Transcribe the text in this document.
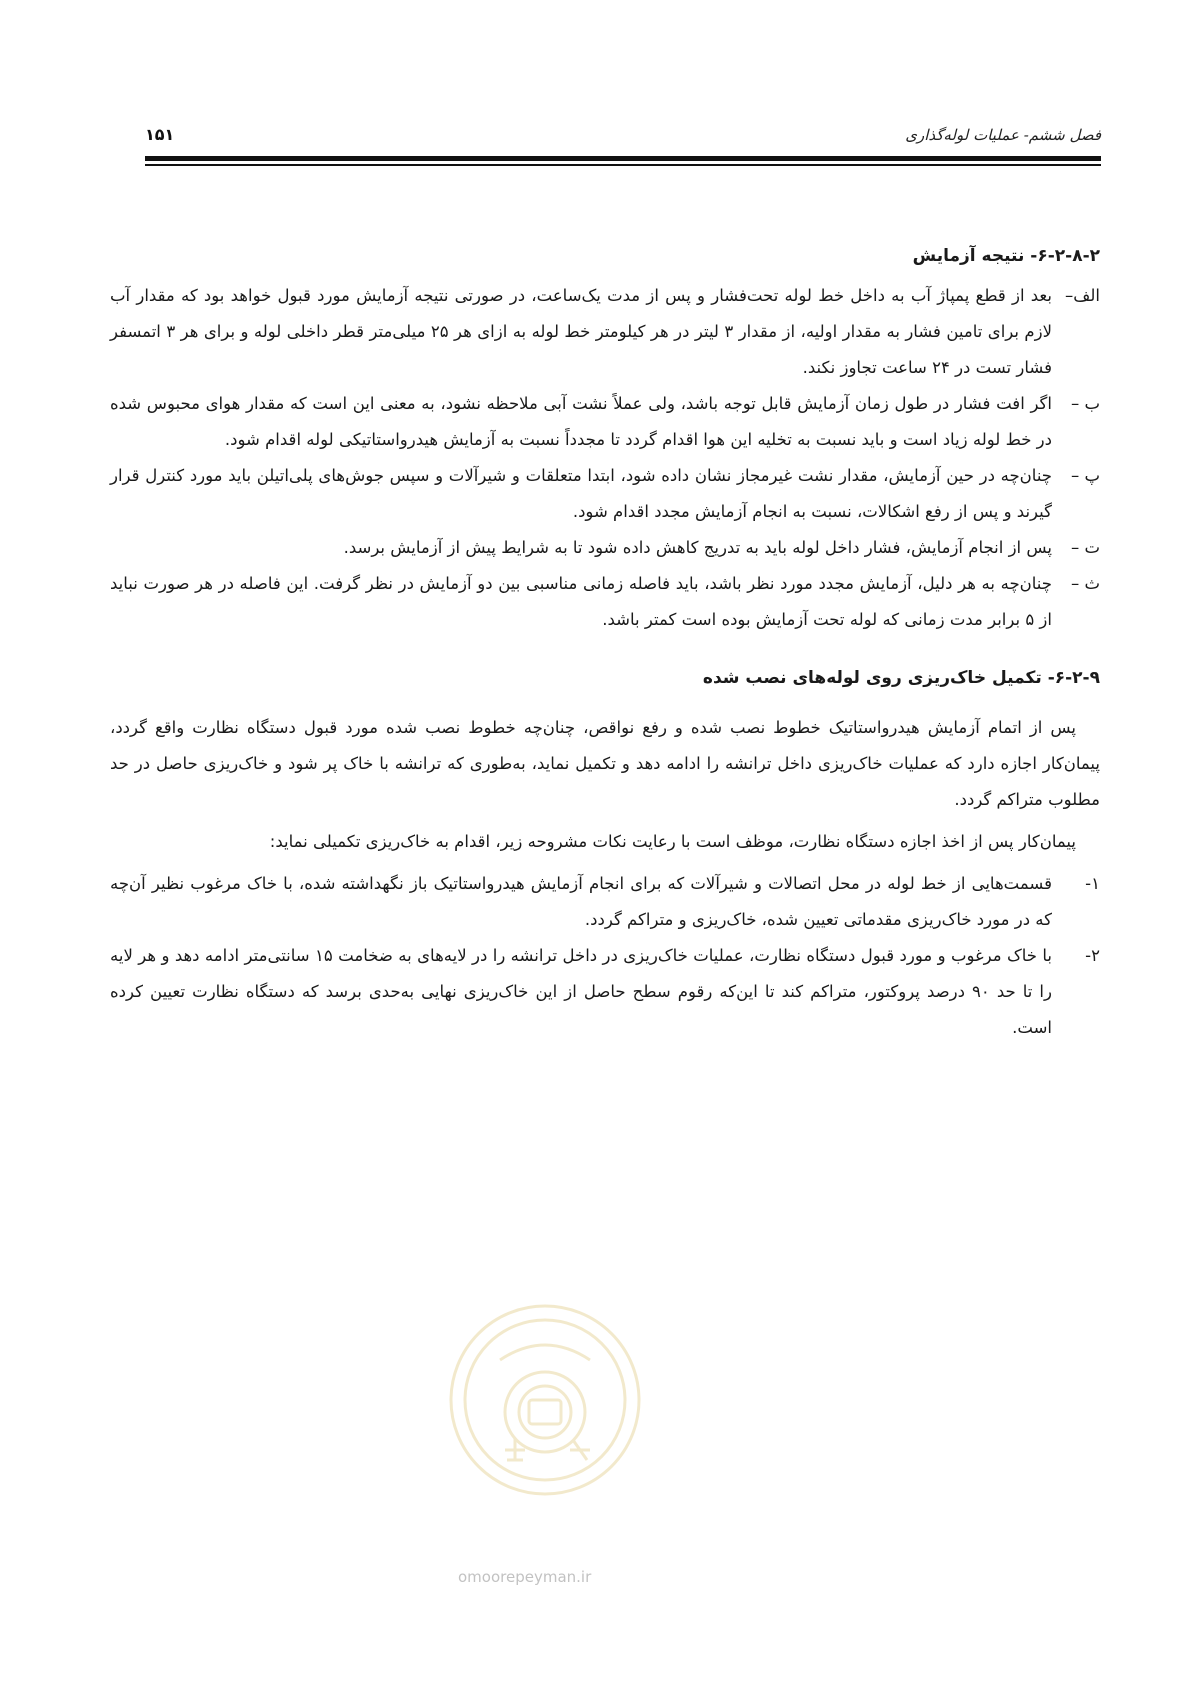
فصل ششم- عملیات لوله‌گذاری
۱۵۱
۶-۲-۸-۲- نتیجه آزمایش
الف–
بعد از قطع پمپاژ آب به داخل خط لوله تحت‌فشار و پس از مدت یک‌ساعت، در صورتی نتیجه آزمایش مورد قبول خواهد بود که مقدار آب لازم برای تامین فشار به مقدار اولیه، از مقدار ۳ لیتر در هر کیلومتر خط لوله به ازای هر ۲۵ میلی‌متر قطر داخلی لوله و برای هر ۳ اتمسفر فشار تست در ۲۴ ساعت تجاوز نکند.
ب –
اگر افت فشار در طول زمان آزمایش قابل توجه باشد، ولی عملاً نشت آبی ملاحظه نشود، به معنی این است که مقدار هوای محبوس شده در خط لوله زیاد است و باید نسبت به تخلیه این هوا اقدام گردد تا مجدداً نسبت به آزمایش هیدرواستاتیکی لوله اقدام شود.
پ –
چنان‌چه در حین آزمایش، مقدار نشت غیرمجاز نشان داده شود، ابتدا متعلقات و شیرآلات و سپس جوش‌های پلی‌اتیلن باید مورد کنترل قرار گیرند و پس از رفع اشکالات، نسبت به انجام آزمایش مجدد اقدام شود.
ت –
پس از انجام آزمایش، فشار داخل لوله باید به تدریج کاهش داده شود تا به شرایط پیش از آزمایش برسد.
ث –
چنان‌چه به هر دلیل، آزمایش مجدد مورد نظر باشد، باید فاصله زمانی مناسبی بین دو آزمایش در نظر گرفت. این فاصله در هر صورت نباید از ۵ برابر مدت زمانی که لوله تحت آزمایش بوده است کمتر باشد.
۶-۲-۹- تکمیل خاک‌ریزی روی لوله‌های نصب شده

پس از اتمام آزمایش هیدرواستاتیک خطوط نصب شده و رفع نواقص، چنان‌چه خطوط نصب شده مورد قبول دستگاه نظارت واقع گردد، پیمان‌کار اجازه دارد که عملیات خاک‌ریزی داخل ترانشه را ادامه دهد و تکمیل نماید، به‌طوری که ترانشه با خاک پر شود و خاک‌ریزی حاصل در حد مطلوب متراکم گردد.

پیمان‌کار پس از اخذ اجازه دستگاه نظارت، موظف است با رعایت نکات مشروحه زیر، اقدام به خاک‌ریزی تکمیلی نماید:

۱-
قسمت‌هایی از خط لوله در محل اتصالات و شیرآلات که برای انجام آزمایش هیدرواستاتیک باز نگهداشته شده، با خاک مرغوب نظیر آن‌چه که در مورد خاک‌ریزی مقدماتی تعیین شده، خاک‌ریزی و متراکم گردد.
۲-
با خاک مرغوب و مورد قبول دستگاه نظارت، عملیات خاک‌ریزی در داخل ترانشه را در لایه‌های به ضخامت ۱۵ سانتی‌متر ادامه دهد و هر لایه را تا حد ۹۰ درصد پروکتور، متراکم کند تا این‌که رقوم سطح حاصل از این خاک‌ریزی نهایی به‌حدی برسد که دستگاه نظارت تعیین کرده است.
omoorepeyman.ir
